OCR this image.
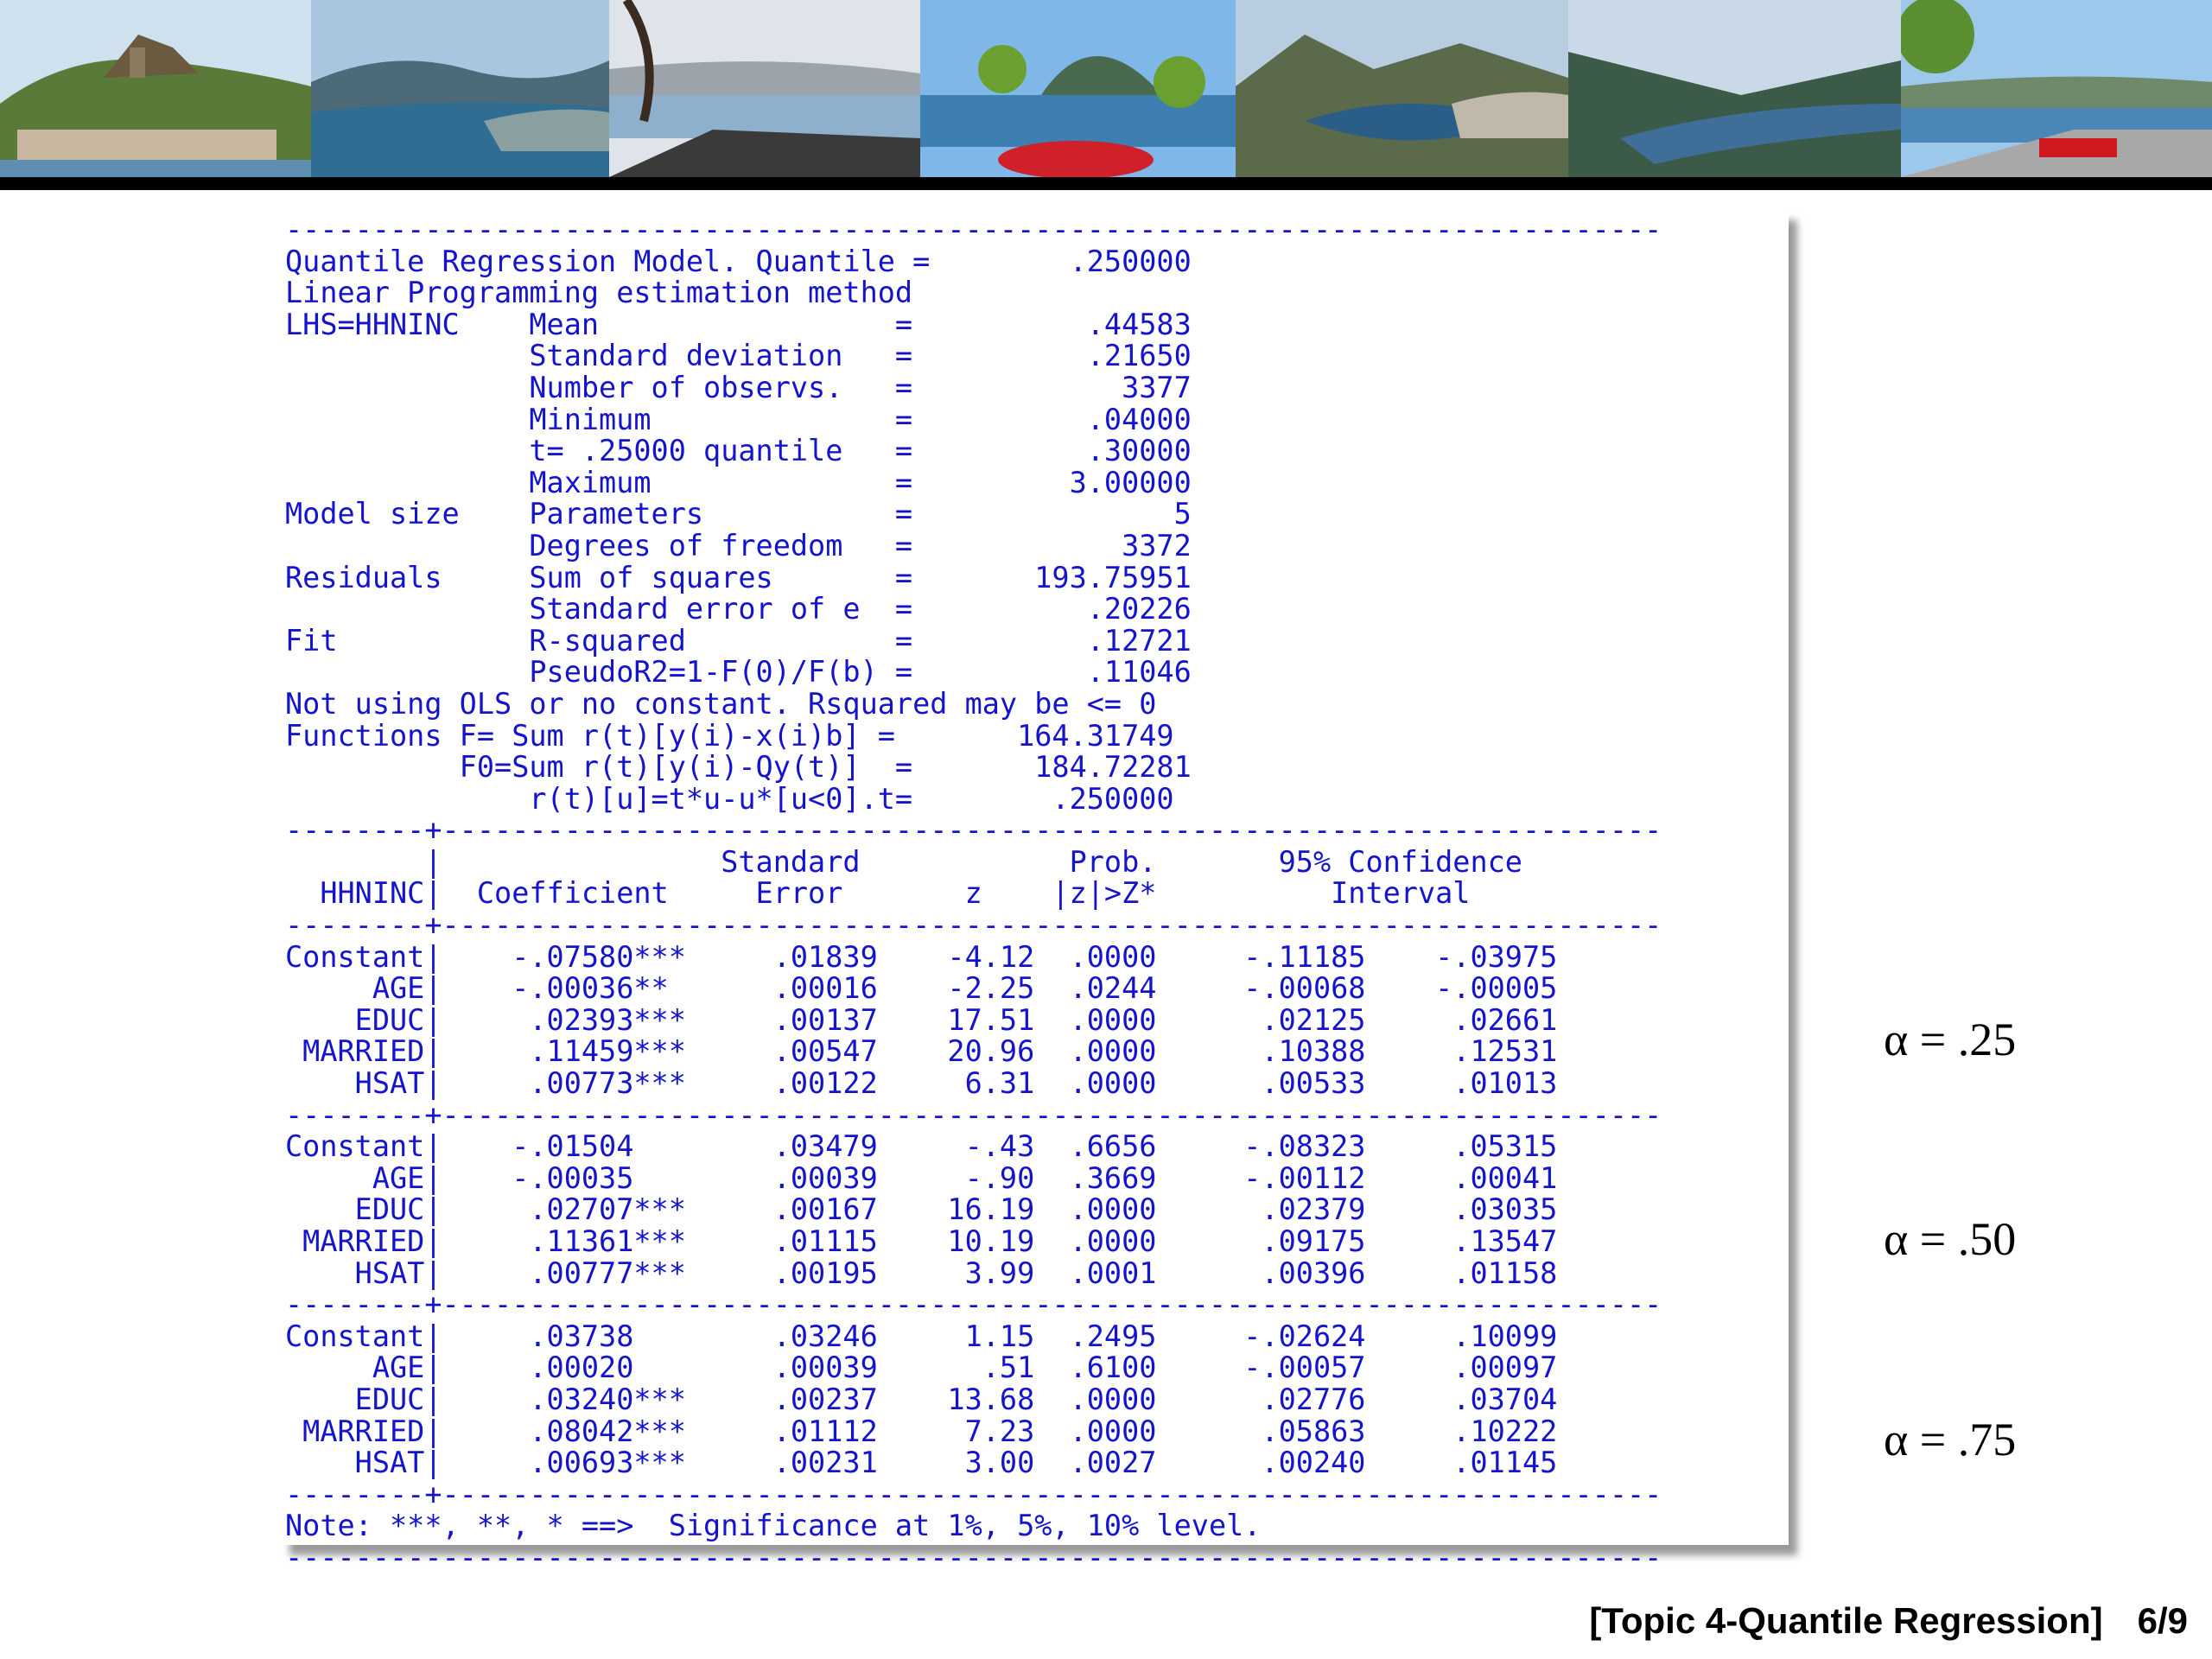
-------------------------------------------------------------------------------
Quantile Regression Model. Quantile =        .250000
Linear Programming estimation method
LHS=HHNINC    Mean                 =          .44583
Standard deviation   =          .21650
Number of observs.   =            3377
Minimum              =          .04000
t= .25000 quantile   =          .30000
Maximum              =         3.00000
Model size    Parameters           =               5
Degrees of freedom   =            3372
Residuals     Sum of squares       =       193.75951
Standard error of e  =          .20226
Fit           R-squared            =          .12721
PseudoR2=1-F(0)/F(b) =          .11046
Not using OLS or no constant. Rsquared may be <= 0
Functions F= Sum r(t)[y(i)-x(i)b] =       164.31749
F0=Sum r(t)[y(i)-Qy(t)]  =       184.72281
r(t)[u]=t*u-u*[u<0].t=        .250000
--------+----------------------------------------------------------------------
|                Standard            Prob.       95% Confidence
HHNINC|  Coefficient     Error       z    |z|>Z*          Interval
--------+----------------------------------------------------------------------
Constant|    -.07580***     .01839    -4.12  .0000     -.11185    -.03975
AGE|    -.00036**      .00016    -2.25  .0244     -.00068    -.00005
EDUC|     .02393***     .00137    17.51  .0000      .02125     .02661
MARRIED|     .11459***     .00547    20.96  .0000      .10388     .12531
HSAT|     .00773***     .00122     6.31  .0000      .00533     .01013
--------+----------------------------------------------------------------------
Constant|    -.01504        .03479     -.43  .6656     -.08323     .05315
AGE|    -.00035        .00039     -.90  .3669     -.00112     .00041
EDUC|     .02707***     .00167    16.19  .0000      .02379     .03035
MARRIED|     .11361***     .01115    10.19  .0000      .09175     .13547
HSAT|     .00777***     .00195     3.99  .0001      .00396     .01158
--------+----------------------------------------------------------------------
Constant|     .03738        .03246     1.15  .2495     -.02624     .10099
AGE|     .00020        .00039      .51  .6100     -.00057     .00097
EDUC|     .03240***     .00237    13.68  .0000      .02776     .03704
MARRIED|     .08042***     .01112     7.23  .0000      .05863     .10222
HSAT|     .00693***     .00231     3.00  .0027      .00240     .01145
--------+----------------------------------------------------------------------
Note: ***, **, * ==>  Significance at 1%, 5%, 10% level.
-------------------------------------------------------------------------------
α = .25
α = .50
α = .75
[Topic 4-Quantile Regression] 6/9
